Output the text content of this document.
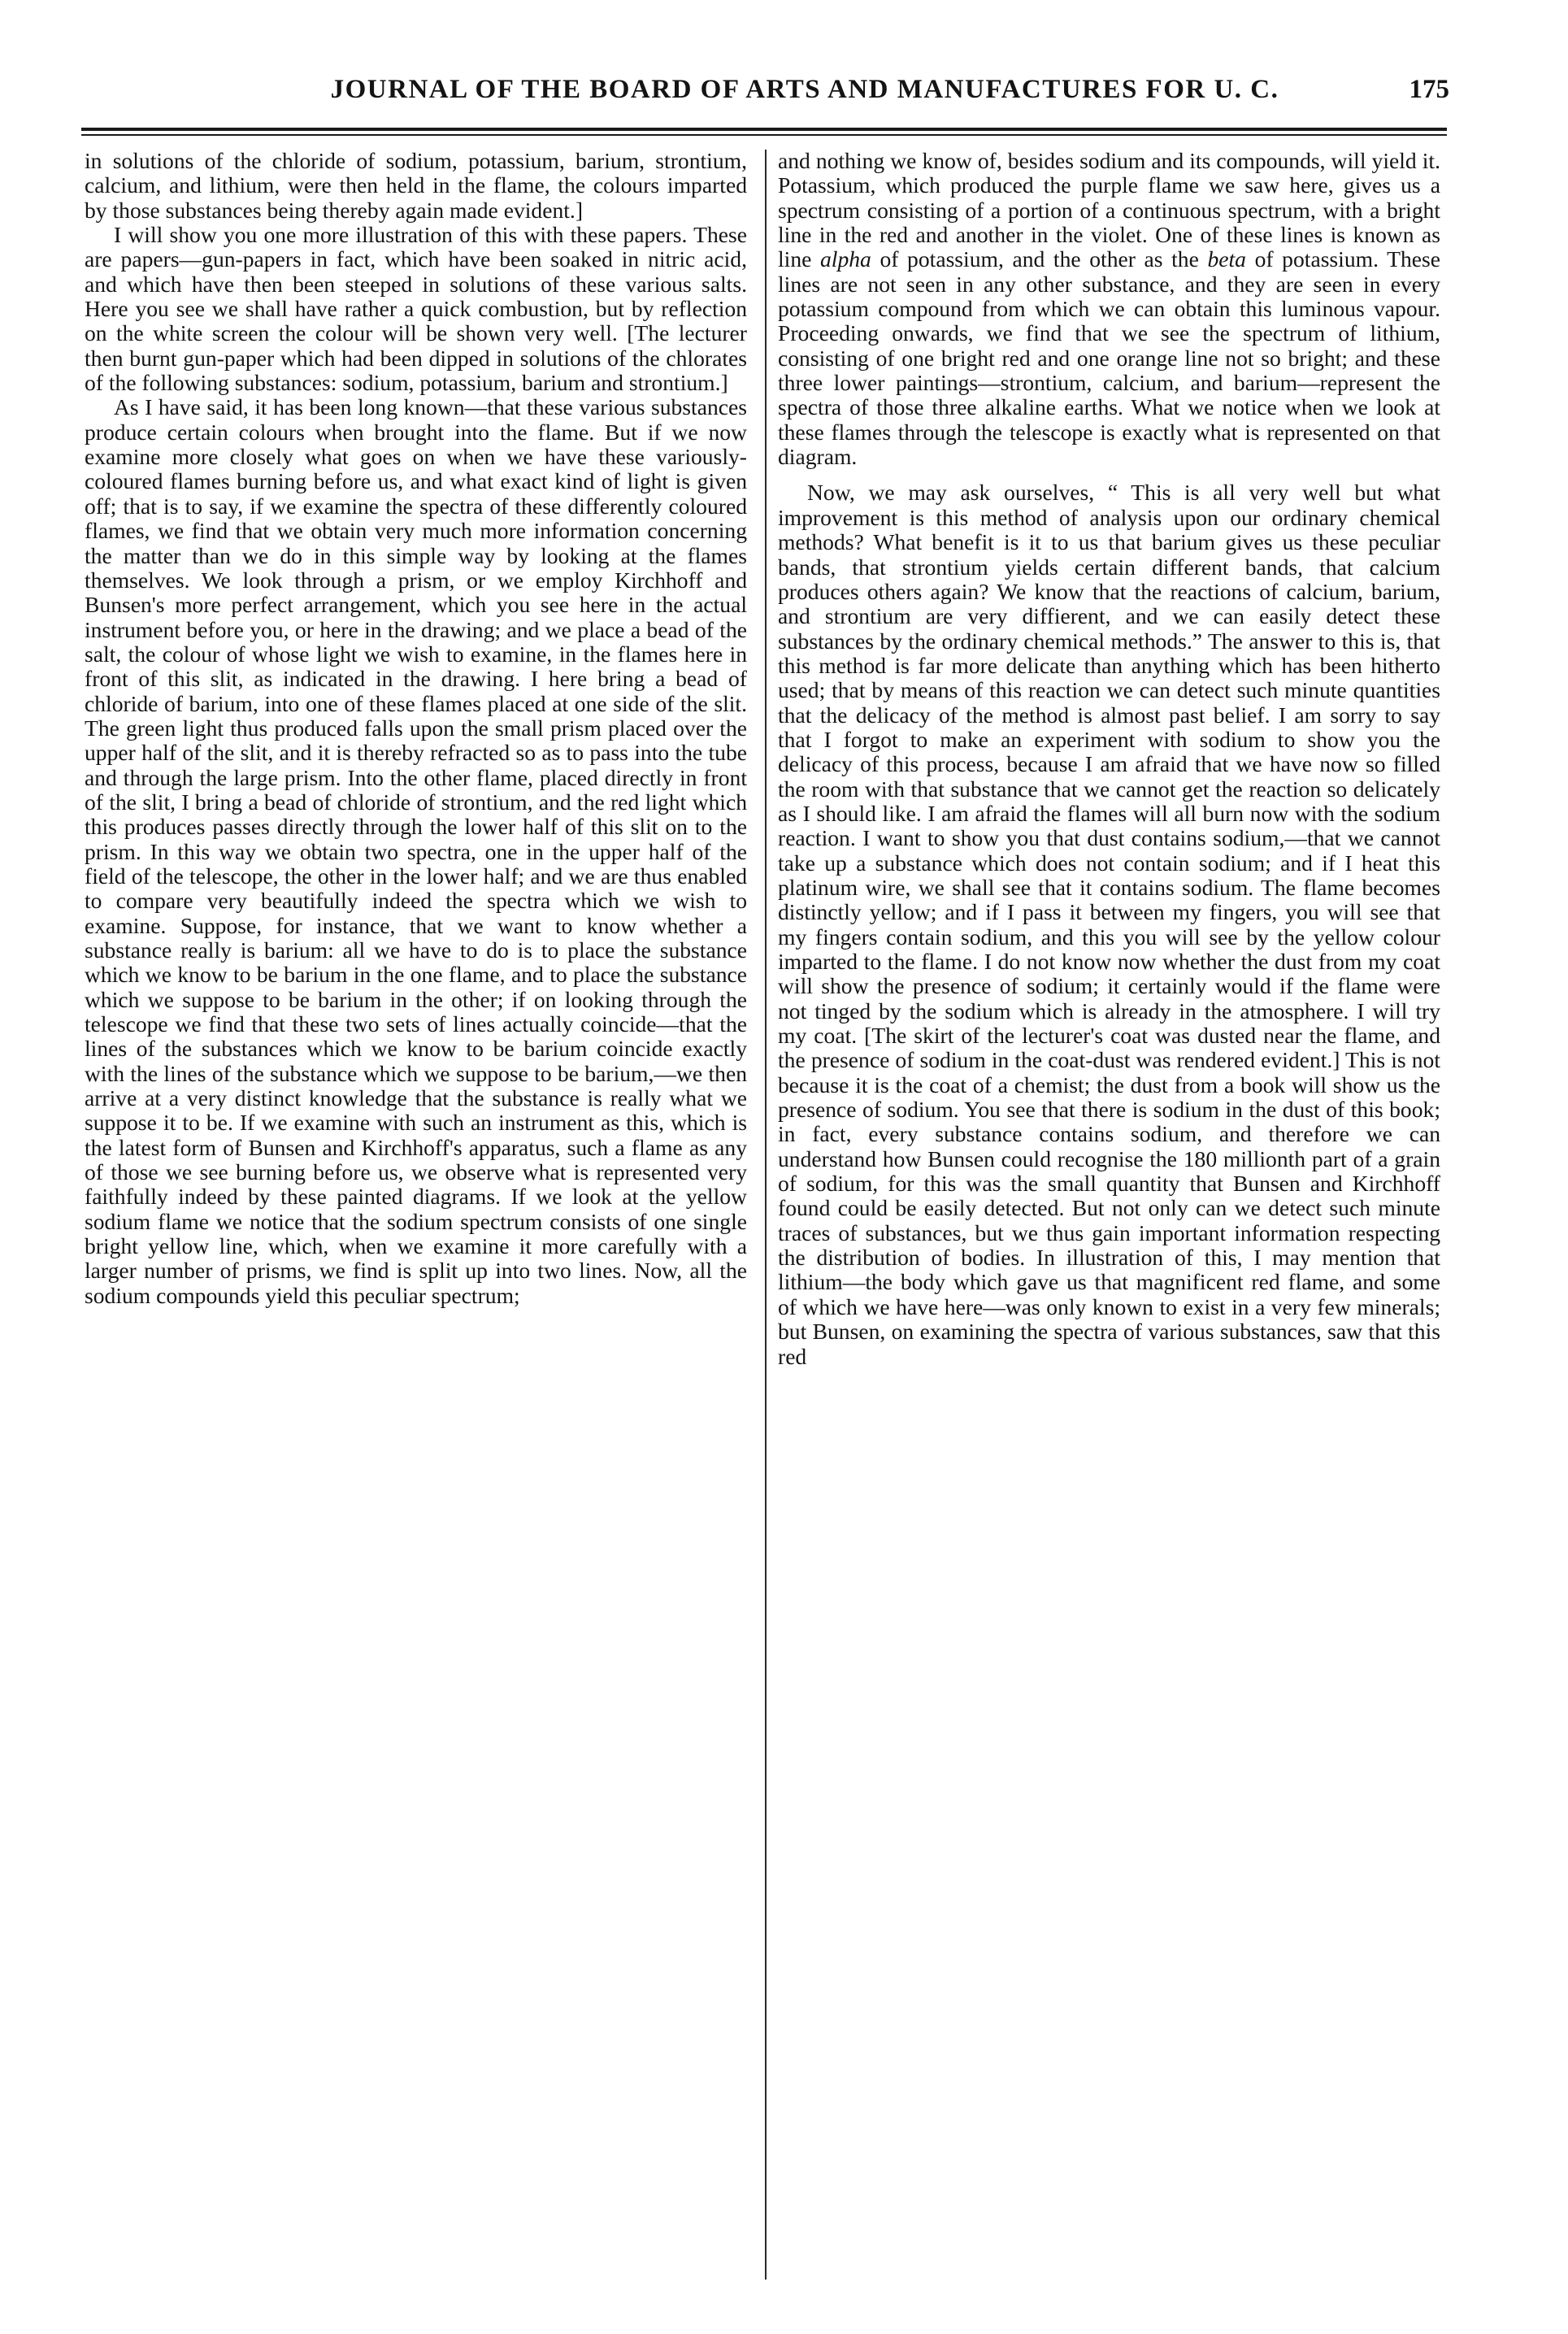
JOURNAL OF THE BOARD OF ARTS AND MANUFACTURES FOR U. C.	175

in solutions of the chloride of sodium, potassium, barium, strontium, calcium, and lithium, were then held in the flame, the colours imparted by those substances being thereby again made evident.]

I will show you one more illustration of this with these papers. These are papers—gun-papers in fact, which have been soaked in nitric acid, and which have then been steeped in solutions of these various salts. Here you see we shall have rather a quick combustion, but by reflection on the white screen the colour will be shown very well. [The lecturer then burnt gun-paper which had been dipped in solutions of the chlorates of the following substances: sodium, potassium, barium and strontium.]

As I have said, it has been long known—that these various substances produce certain colours when brought into the flame. But if we now examine more closely what goes on when we have these variously-coloured flames burning before us, and what exact kind of light is given off; that is to say, if we examine the spectra of these differently coloured flames, we find that we obtain very much more information concerning the matter than we do in this simple way by looking at the flames themselves. We look through a prism, or we employ Kirchhoff and Bunsen's more perfect arrangement, which you see here in the actual instrument before you, or here in the drawing; and we place a bead of the salt, the colour of whose light we wish to examine, in the flames here in front of this slit, as indicated in the drawing. I here bring a bead of chloride of barium, into one of these flames placed at one side of the slit. The green light thus produced falls upon the small prism placed over the upper half of the slit, and it is thereby refracted so as to pass into the tube and through the large prism. Into the other flame, placed directly in front of the slit, I bring a bead of chloride of strontium, and the red light which this produces passes directly through the lower half of this slit on to the prism. In this way we obtain two spectra, one in the upper half of the field of the telescope, the other in the lower half; and we are thus enabled to compare very beautifully indeed the spectra which we wish to examine. Suppose, for instance, that we want to know whether a substance really is barium: all we have to do is to place the substance which we know to be barium in the one flame, and to place the substance which we suppose to be barium in the other; if on looking through the telescope we find that these two sets of lines actually coincide—that the lines of the substances which we know to be barium coincide exactly with the lines of the substance which we suppose to be barium,—we then arrive at a very distinct knowledge that the substance is really what we suppose it to be. If we examine with such an instrument as this, which is the latest form of Bunsen and Kirchhoff's apparatus, such a flame as any of those we see burning before us, we observe what is represented very faithfully indeed by these painted diagrams. If we look at the yellow sodium flame we notice that the sodium spectrum consists of one single bright yellow line, which, when we examine it more carefully with a larger number of prisms, we find is split up into two lines. Now, all the sodium compounds yield this peculiar spectrum;

and nothing we know of, besides sodium and its compounds, will yield it. Potassium, which produced the purple flame we saw here, gives us a spectrum consisting of a portion of a continuous spectrum, with a bright line in the red and another in the violet. One of these lines is known as line alpha of potassium, and the other as the beta of potassium. These lines are not seen in any other substance, and they are seen in every potassium compound from which we can obtain this luminous vapour. Proceeding onwards, we find that we see the spectrum of lithium, consisting of one bright red and one orange line not so bright; and these three lower paintings—strontium, calcium, and barium—represent the spectra of those three alkaline earths. What we notice when we look at these flames through the telescope is exactly what is represented on that diagram.

Now, we may ask ourselves, “ This is all very well but what improvement is this method of analysis upon our ordinary chemical methods? What benefit is it to us that barium gives us these peculiar bands, that strontium yields certain different bands, that calcium produces others again? We know that the reactions of calcium, barium, and strontium are very diffierent, and we can easily detect these substances by the ordinary chemical methods.” The answer to this is, that this method is far more delicate than anything which has been hitherto used; that by means of this reaction we can detect such minute quantities that the delicacy of the method is almost past belief. I am sorry to say that I forgot to make an experiment with sodium to show you the delicacy of this process, because I am afraid that we have now so filled the room with that substance that we cannot get the reaction so delicately as I should like. I am afraid the flames will all burn now with the sodium reaction. I want to show you that dust contains sodium,—that we cannot take up a substance which does not contain sodium; and if I heat this platinum wire, we shall see that it contains sodium. The flame becomes distinctly yellow; and if I pass it between my fingers, you will see that my fingers contain sodium, and this you will see by the yellow colour imparted to the flame. I do not know now whether the dust from my coat will show the presence of sodium; it certainly would if the flame were not tinged by the sodium which is already in the atmosphere. I will try my coat. [The skirt of the lecturer's coat was dusted near the flame, and the presence of sodium in the coat-dust was rendered evident.] This is not because it is the coat of a chemist; the dust from a book will show us the presence of sodium. You see that there is sodium in the dust of this book; in fact, every substance contains sodium, and therefore we can understand how Bunsen could recognise the 180 millionth part of a grain of sodium, for this was the small quantity that Bunsen and Kirchhoff found could be easily detected. But not only can we detect such minute traces of substances, but we thus gain important information respecting the distribution of bodies. In illustration of this, I may mention that lithium—the body which gave us that magnificent red flame, and some of which we have here—was only known to exist in a very few minerals; but Bunsen, on examining the spectra of various substances, saw that this red
